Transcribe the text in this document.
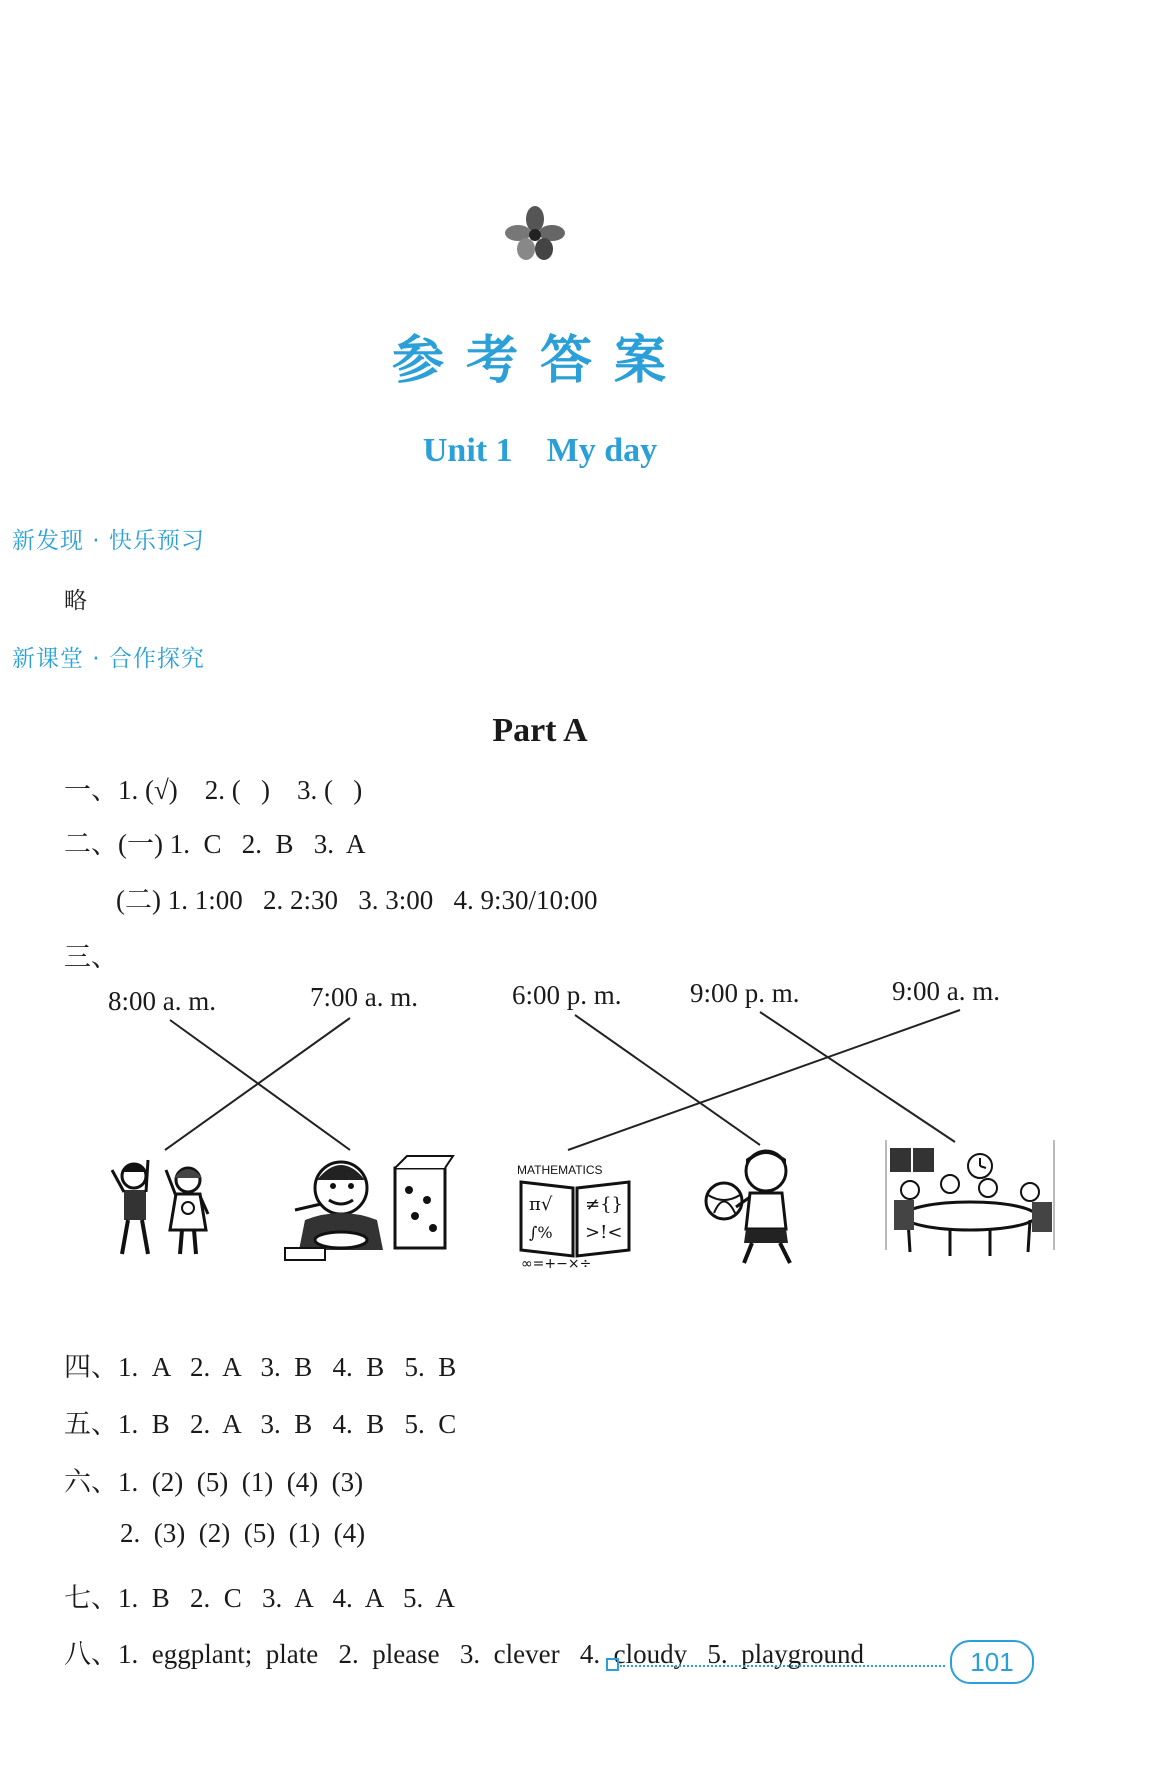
参考答案
Unit 1    My day
新发现 · 快乐预习
略
新课堂 · 合作探究
Part A
一、1. (√)    2. (   )    3. (   )
二、(一) 1.  C   2.  B   3.  A
(二) 1. 1:00   2. 2:30   3. 3:00   4. 9:30/10:00
三、
8:00 a. m.	7:00 a. m.	6:00 p. m.	9:00 p. m.	9:00 a. m.
MATHEMATICS
π√
∫%
≠{}
>!<
∞=+−×÷
四、1.  A   2.  A   3.  B   4.  B   5.  B
五、1.  B   2.  A   3.  B   4.  B   5.  C
六、1.  (2)  (5)  (1)  (4)  (3)
2.  (3)  (2)  (5)  (1)  (4)
七、1.  B   2.  C   3.  A   4.  A   5.  A
八、1.  eggplant;  plate   2.  please   3.  clever   4.  cloudy   5.  playground	101
